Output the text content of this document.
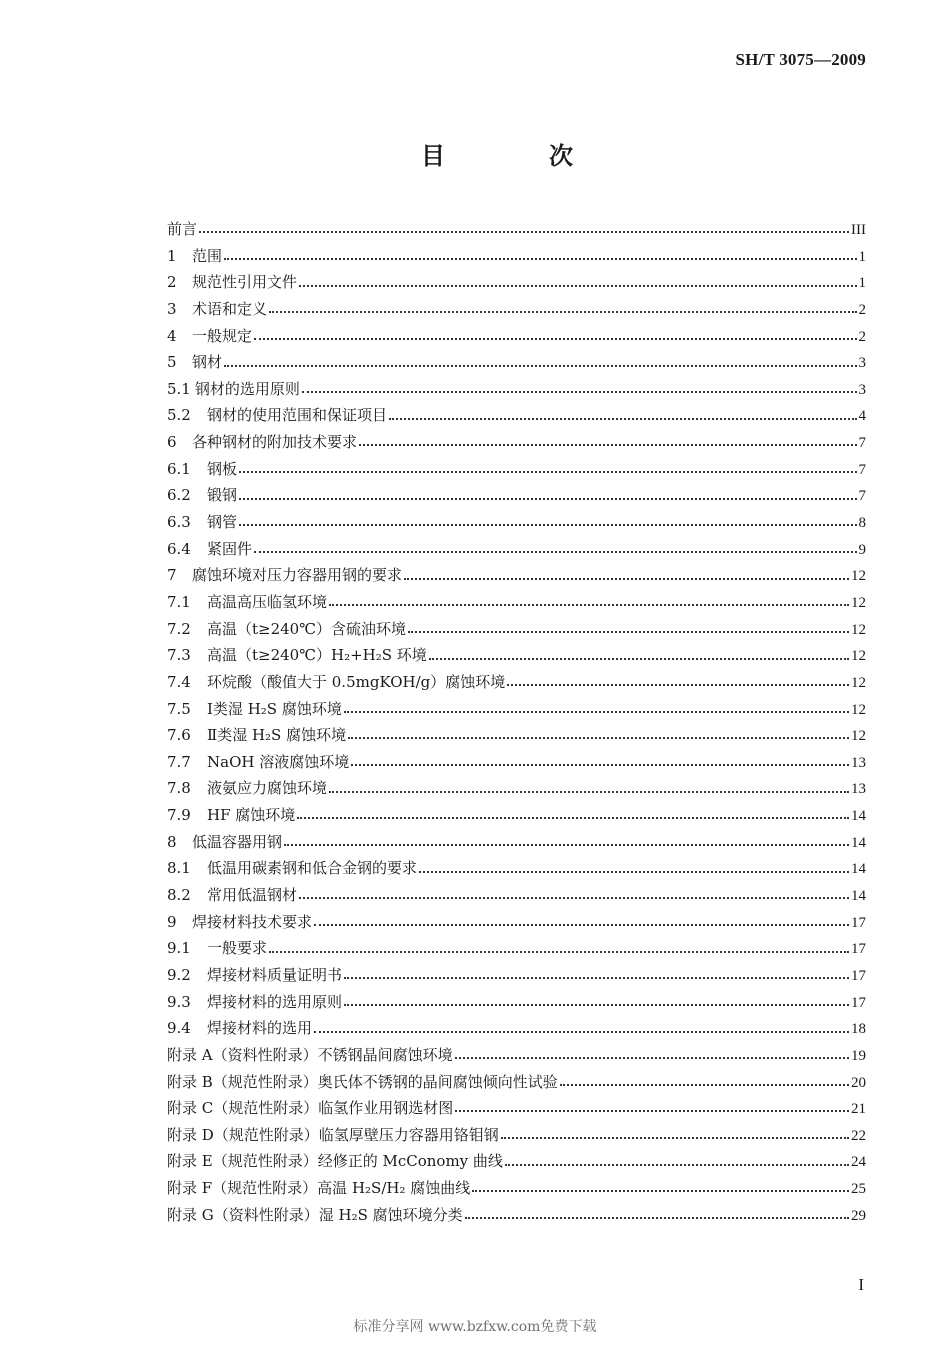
SH/T 3075—2009
目　次
前言	III
1	范围	1
2	规范性引用文件	1
3	术语和定义	2
4	一般规定	2
5	钢材	3
5.1 钢材的选用原则	3
5.2	钢材的使用范围和保证项目	4
6	各种钢材的附加技术要求	7
6.1	钢板	7
6.2	锻钢	7
6.3	钢管	8
6.4	紧固件	9
7	腐蚀环境对压力容器用钢的要求	12
7.1	高温高压临氢环境	12
7.2	高温（t≥240℃）含硫油环境	12
7.3	高温（t≥240℃）H₂+H₂S 环境	12
7.4	环烷酸（酸值大于 0.5mgKOH/g）腐蚀环境	12
7.5	Ⅰ类湿 H₂S 腐蚀环境	12
7.6	Ⅱ类湿 H₂S 腐蚀环境	12
7.7	NaOH 溶液腐蚀环境	13
7.8	液氨应力腐蚀环境	13
7.9	HF 腐蚀环境	14
8	低温容器用钢	14
8.1	低温用碳素钢和低合金钢的要求	14
8.2	常用低温钢材	14
9	焊接材料技术要求	17
9.1	一般要求	17
9.2	焊接材料质量证明书	17
9.3	焊接材料的选用原则	17
9.4	焊接材料的选用	18
附录 A（资料性附录）不锈钢晶间腐蚀环境	19
附录 B（规范性附录）奥氏体不锈钢的晶间腐蚀倾向性试验	20
附录 C（规范性附录）临氢作业用钢选材图	21
附录 D（规范性附录）临氢厚壁压力容器用铬钼钢	22
附录 E（规范性附录）经修正的 McConomy 曲线	24
附录 F（规范性附录）高温 H₂S/H₂ 腐蚀曲线	25
附录 G（资料性附录）湿 H₂S 腐蚀环境分类	29
I
标准分享网 www.bzfxw.com免费下载
